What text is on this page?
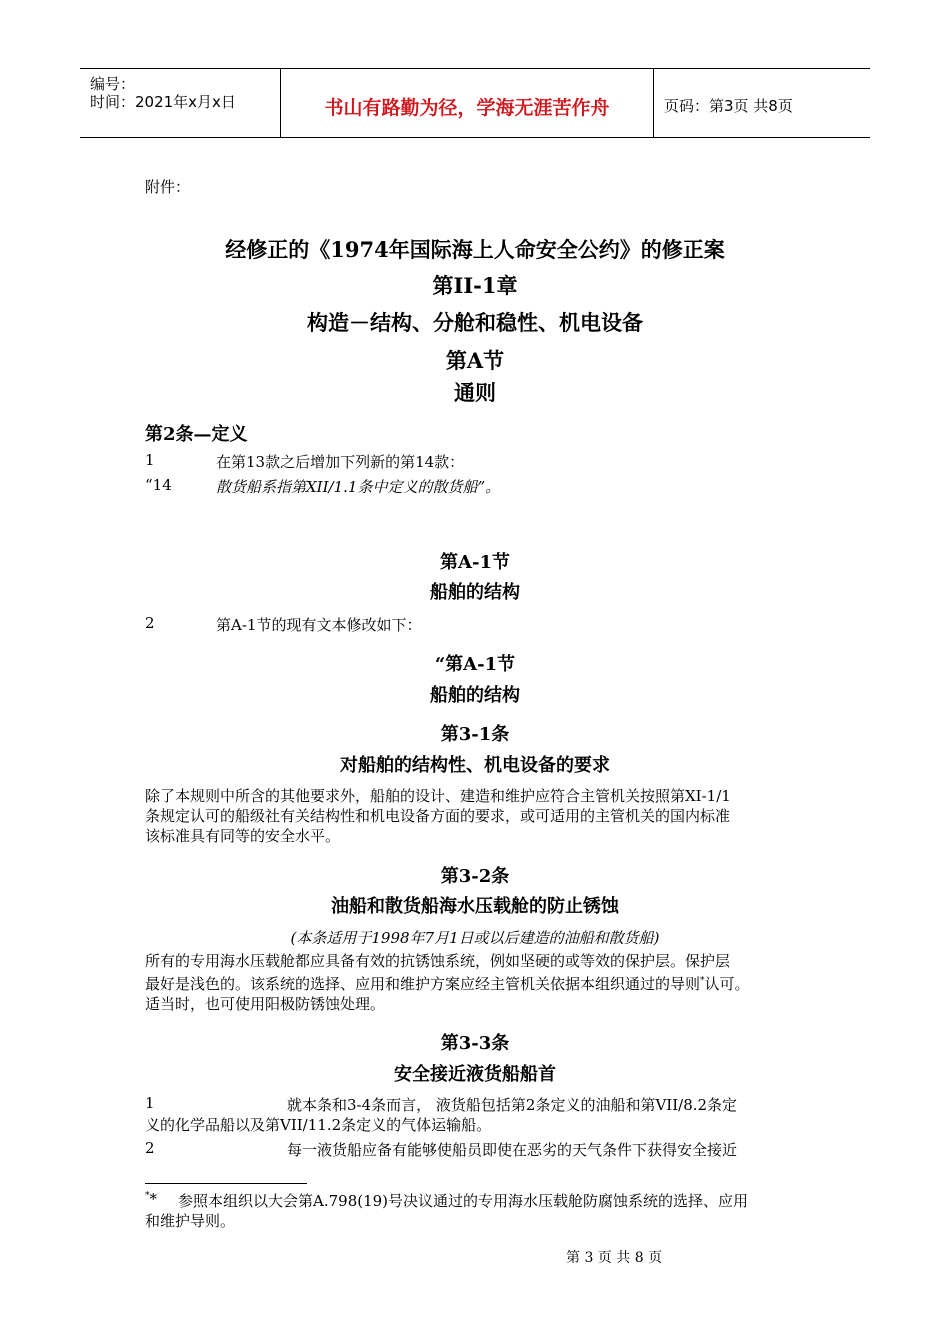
编号：
时间：2021年x月x日	书山有路勤为径，学海无涯苦作舟	页码：第3页 共8页
附件：
经修正的《1974年国际海上人命安全公约》的修正案
第II-1章
构造－结构、分舱和稳性、机电设备
第A节
通则
第2条—定义
1	在第13款之后增加下列新的第14款：
“14	散货船系指第XII/1.1条中定义的散货船”。
第A-1节
船舶的结构
2	第A-1节的现有文本修改如下：
“第A-1节
船舶的结构
第3-1条
对船舶的结构性、机电设备的要求
除了本规则中所含的其他要求外，船舶的设计、建造和维护应符合主管机关按照第XI-1/1
条规定认可的船级社有关结构性和机电设备方面的要求，或可适用的主管机关的国内标准
该标准具有同等的安全水平。
第3-2条
油船和散货船海水压载舱的防止锈蚀
(本条适用于1998年7月1日或以后建造的油船和散货船)
所有的专用海水压载舱都应具备有效的抗锈蚀系统，例如坚硬的或等效的保护层。保护层
最好是浅色的。该系统的选择、应用和维护方案应经主管机关依据本组织通过的导则*认可。
适当时，也可使用阳极防锈蚀处理。
第3-3条
安全接近液货船船首
1	就本条和3-4条而言， 液货船包括第2条定义的油船和第VII/8.2条定
义的化学品船以及第VII/11.2条定义的气体运输船。
2	每一液货船应备有能够使船员即使在恶劣的天气条件下获得安全接近
** 参照本组织以大会第A.798(19)号决议通过的专用海水压载舱防腐蚀系统的选择、应用
和维护导则。
第 3 页 共 8 页
